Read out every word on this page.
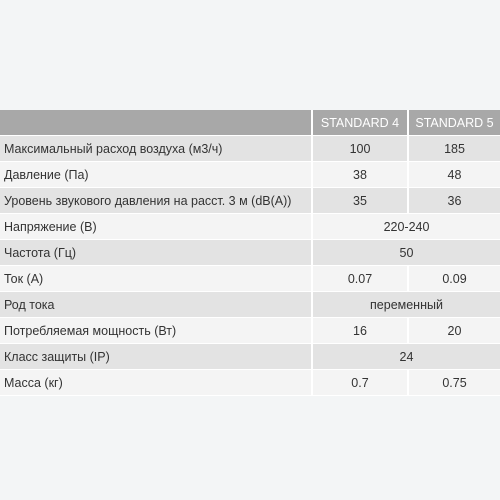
	STANDARD 4	STANDARD 5
Максимальный расход воздуха (м3/ч)	100	185
Давление (Па)	38	48
Уровень звукового давления на расст. 3 м (dB(A))	35	36
Напряжение (В)	220-240	
Частота (Гц)	50	
Ток (А)	0.07	0.09
Род тока	переменный	
Потребляемая мощность (Вт)	16	20
Класс защиты (IP)	24	
Масса (кг)	0.7	0.75
